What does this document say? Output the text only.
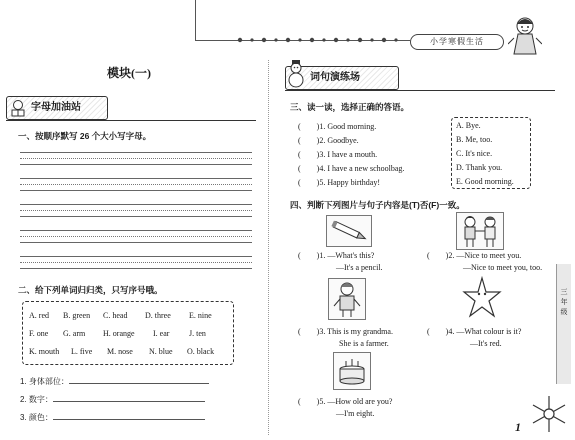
小学寒假生活
模块(一)
字母加油站
一、按顺序默写 26 个大小写字母。
二、给下列单词归归类，只写序号哦。
A. red B. green C. head D. three E. nine
F. one G. arm H. orange I. ear J. ten
K. mouth L. five M. nose N. blue O. black
1. 身体部位：
2. 数字：
3. 颜色：
词句演练场
三、读一读，选择正确的答语。
(　　)1. Good morning.
(　　)2. Goodbye.
(　　)3. I have a mouth.
(　　)4. I have a new schoolbag.
(　　)5. Happy birthday!
A. Bye.
B. Me, too.
C. It's nice.
D. Thank you.
E. Good morning.
四、判断下列图片与句子内容是(T)否(F)一致。
(　　)1. —What's this?
—It's a pencil.
(　　)2. —Nice to meet you.
—Nice to meet you, too.
(　　)3. This is my grandma.
She is a farmer.
(　　)4. —What colour is it?
—It's red.
(　　)5. —How old are you?
—I'm eight.
三
年
级
1
